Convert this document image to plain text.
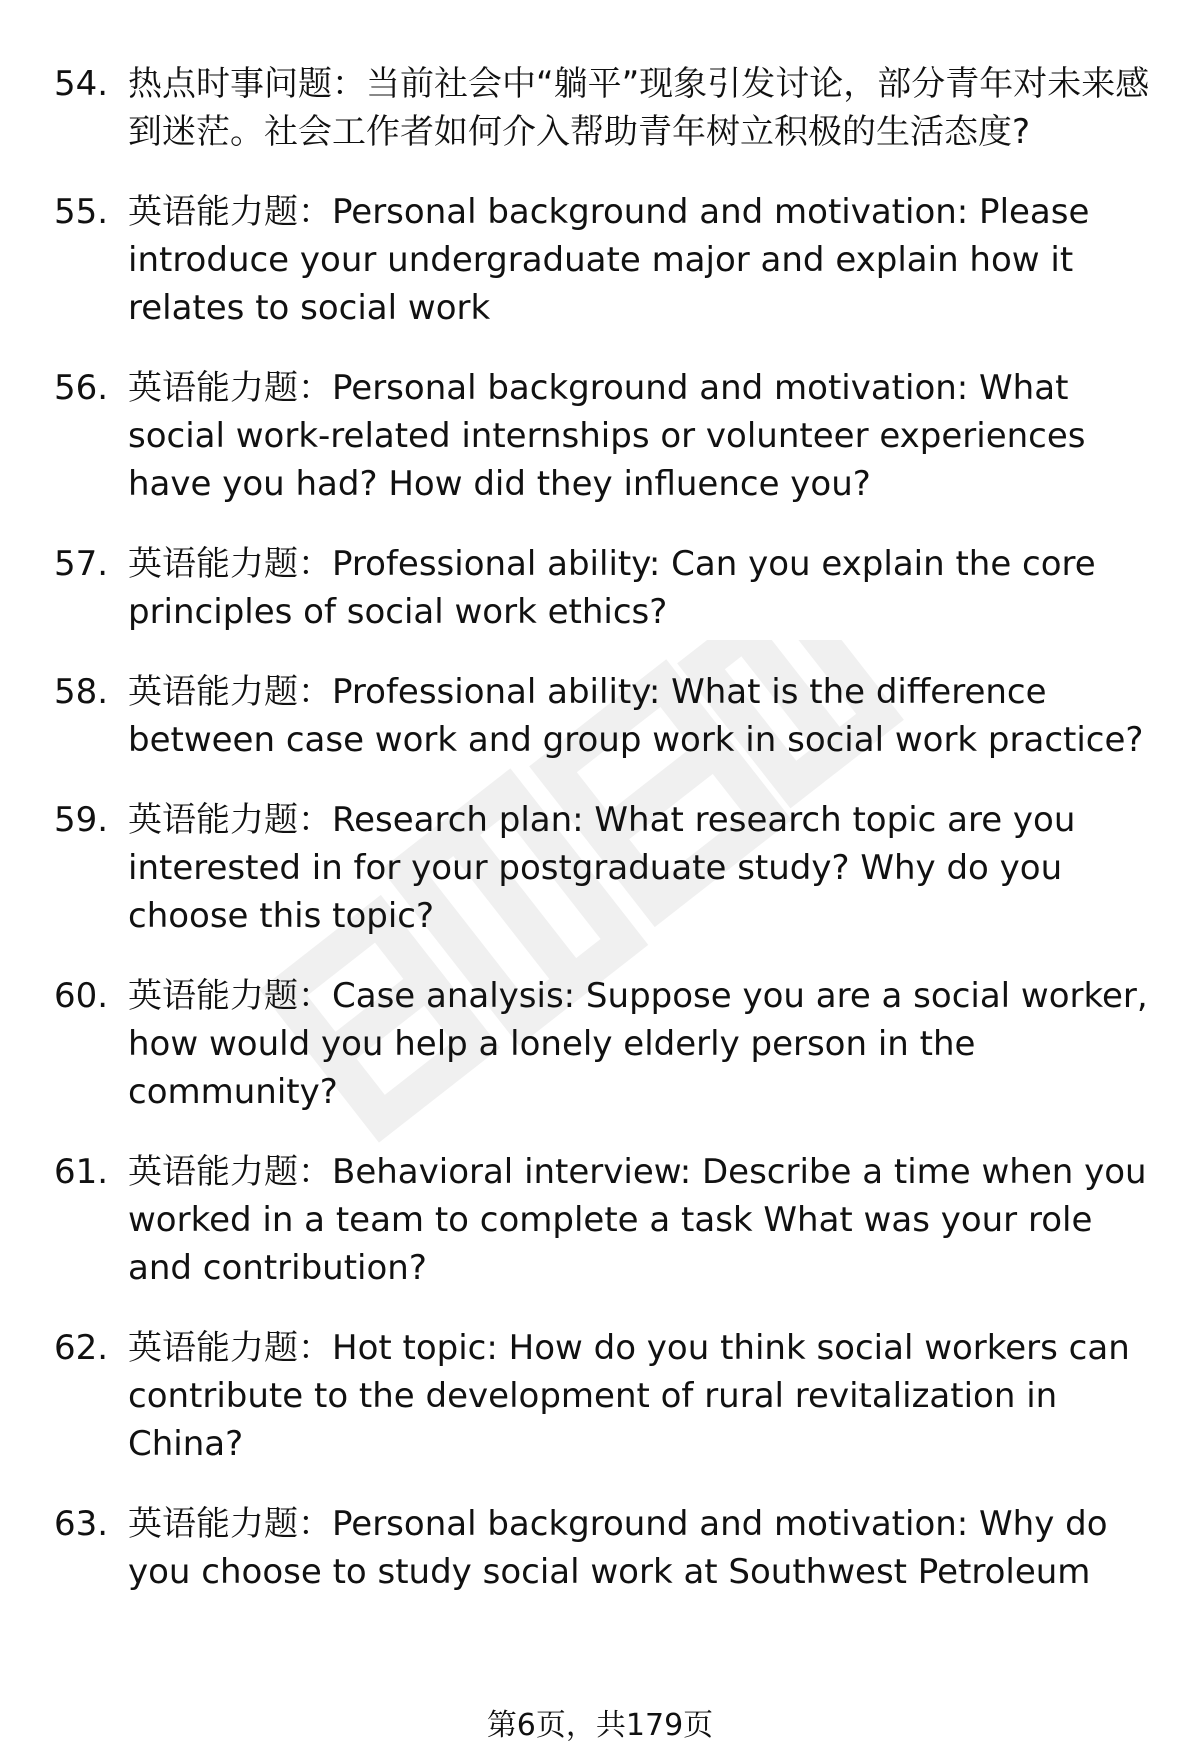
54. 热点时事问题：当前社会中“躺平”现象引发讨论，部分青年对未来感到迷茫。社会工作者如何介入帮助青年树立积极的生活态度?
55. 英语能力题：Personal background and motivation: Please introduce your undergraduate major and explain how it relates to social work
56. 英语能力题：Personal background and motivation: What social work-related internships or volunteer experiences have you had? How did they influence you?
57. 英语能力题：Professional ability: Can you explain the core principles of social work ethics?
58. 英语能力题：Professional ability: What is the difference between case work and group work in social work practice?
59. 英语能力题：Research plan: What research topic are you interested in for your postgraduate study? Why do you choose this topic?
60. 英语能力题：Case analysis: Suppose you are a social worker, how would you help a lonely elderly person in the community?
61. 英语能力题：Behavioral interview: Describe a time when you worked in a team to complete a task What was your role and contribution?
62. 英语能力题：Hot topic: How do you think social workers can contribute to the development of rural revitalization in China?
63. 英语能力题：Personal background and motivation: Why do you choose to study social work at Southwest Petroleum
第6页，共179页
